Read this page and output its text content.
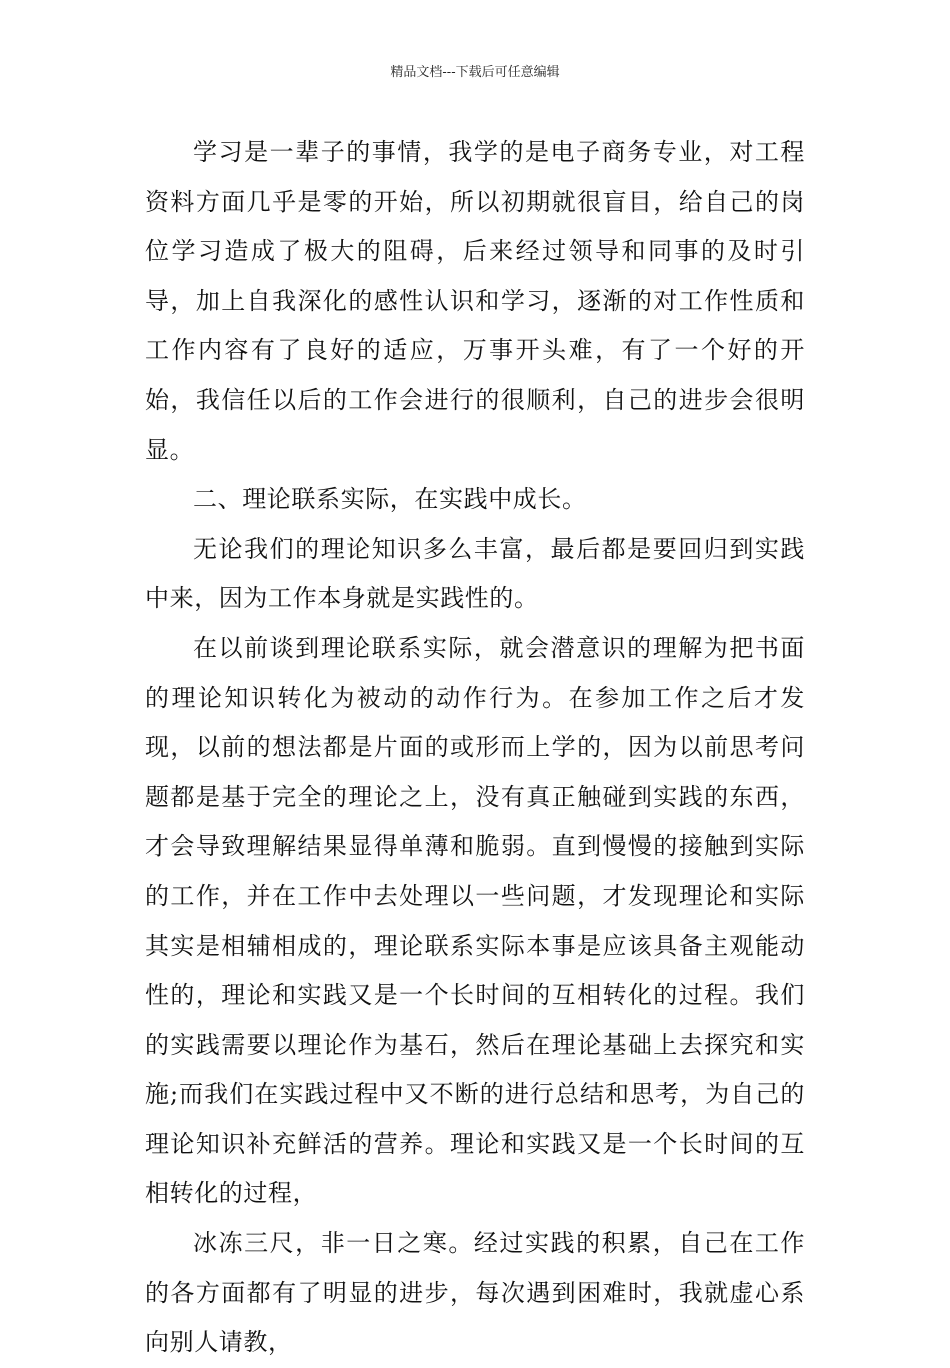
精品文档---下载后可任意编辑

学习是一辈子的事情，我学的是电子商务专业，对工程资料方面几乎是零的开始，所以初期就很盲目，给自己的岗位学习造成了极大的阻碍，后来经过领导和同事的及时引导，加上自我深化的感性认识和学习，逐渐的对工作性质和工作内容有了良好的适应，万事开头难，有了一个好的开始，我信任以后的工作会进行的很顺利，自己的进步会很明显。

二、理论联系实际，在实践中成长。

无论我们的理论知识多么丰富，最后都是要回归到实践中来，因为工作本身就是实践性的。

在以前谈到理论联系实际，就会潜意识的理解为把书面的理论知识转化为被动的动作行为。在参加工作之后才发现，以前的想法都是片面的或形而上学的，因为以前思考问题都是基于完全的理论之上，没有真正触碰到实践的东西，才会导致理解结果显得单薄和脆弱。直到慢慢的接触到实际的工作，并在工作中去处理以一些问题，才发现理论和实际其实是相辅相成的，理论联系实际本事是应该具备主观能动性的，理论和实践又是一个长时间的互相转化的过程。我们的实践需要以理论作为基石，然后在理论基础上去探究和实施;而我们在实践过程中又不断的进行总结和思考，为自己的理论知识补充鲜活的营养。理论和实践又是一个长时间的互相转化的过程，

冰冻三尺，非一日之寒。经过实践的积累，自己在工作的各方面都有了明显的进步，每次遇到困难时，我就虚心系向别人请教，
